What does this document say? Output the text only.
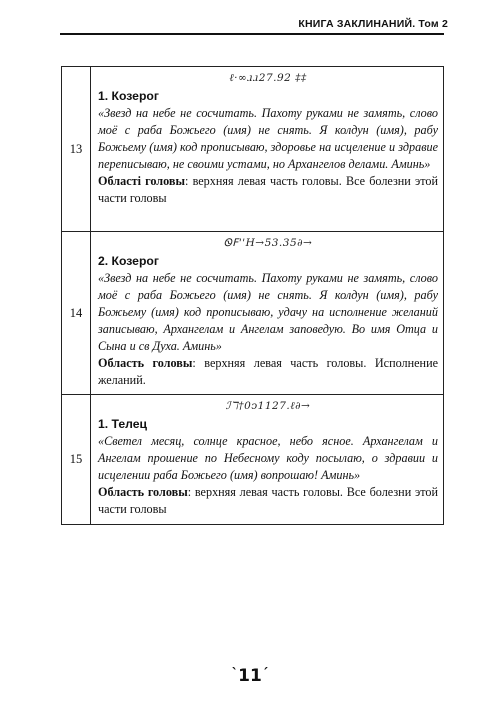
КНИГА ЗАКЛИНАНИЙ. Том 2
13	ℓ·∞ɹɹ27.92 ‡‡
1. Козерог
«Звезд на небе не сосчитать. Пахоту руками не замять, слово моё с раба Божьего (имя) не снять. Я колдун (имя), рабу Божьему (имя) код прописываю, здоровье на исцеление и здравие переписываю, не своими устами, но Архангелов делами. Аминь»
Області головы: верхняя левая часть головы. Все болезни этой части головы

14	ᏫꓝꞌꞌH→53.35∂→
2. Козерог
«Звезд на небе не сосчитать. Пахоту руками не замять, слово моё с раба Божьего (имя) не снять. Я колдун (имя), рабу Божьему (имя) код прописываю, удачу на исполнение желаний записываю, Архангелам и Ангелам заповедую. Во имя Отца и Сына и св Духа. Аминь»
Область головы: верхняя левая часть головы. Исполнение желаний.

15	ℐℸ†0ↄ1127.ℓ∂→
1. Телец
«Светел месяц, солнце красное, небо ясное. Архангелам и Ангелам прошение по Небесному коду посылаю, о здравии и исцелении раба Божьего (имя) вопрошаю! Аминь»
Область головы: верхняя левая часть головы. Все болезни этой части головы
ˋ11ˊ
